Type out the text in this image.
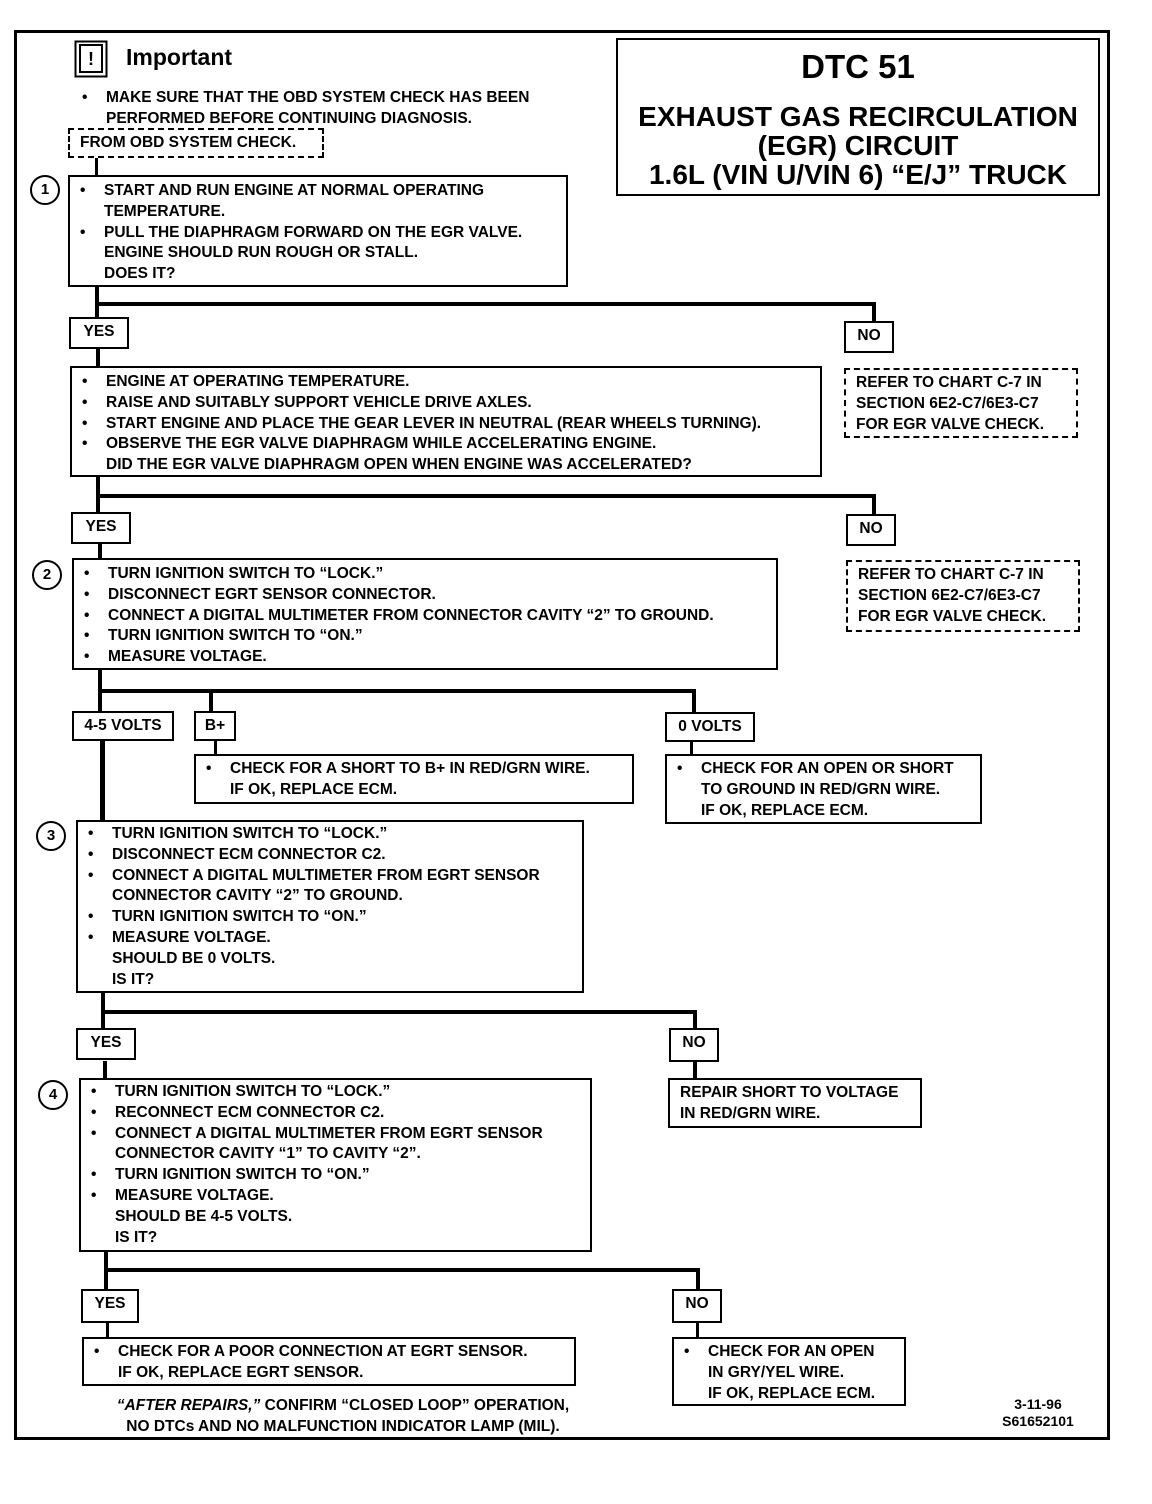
DTC 51
EXHAUST GAS RECIRCULATION
(EGR) CIRCUIT
1.6L (VIN U/VIN 6) “E/J” TRUCK
! Important
• MAKE SURE THAT THE OBD SYSTEM CHECK HAS BEEN
PERFORMED BEFORE CONTINUING DIAGNOSIS.
FROM OBD SYSTEM CHECK.
1	• START AND RUN ENGINE AT NORMAL OPERATING TEMPERATURE.
• PULL THE DIAPHRAGM FORWARD ON THE EGR VALVE.
ENGINE SHOULD RUN ROUGH OR STALL.
DOES IT?
YES	NO
• ENGINE AT OPERATING TEMPERATURE.
• RAISE AND SUITABLY SUPPORT VEHICLE DRIVE AXLES.
• START ENGINE AND PLACE THE GEAR LEVER IN NEUTRAL (REAR WHEELS TURNING).
• OBSERVE THE EGR VALVE DIAPHRAGM WHILE ACCELERATING ENGINE.
DID THE EGR VALVE DIAPHRAGM OPEN WHEN ENGINE WAS ACCELERATED?
REFER TO CHART C-7 IN
SECTION 6E2-C7/6E3-C7
FOR EGR VALVE CHECK.
YES	NO
2	• TURN IGNITION SWITCH TO “LOCK.”
• DISCONNECT EGRT SENSOR CONNECTOR.
• CONNECT A DIGITAL MULTIMETER FROM CONNECTOR CAVITY “2” TO GROUND.
• TURN IGNITION SWITCH TO “ON.”
• MEASURE VOLTAGE.
REFER TO CHART C-7 IN
SECTION 6E2-C7/6E3-C7
FOR EGR VALVE CHECK.
4-5 VOLTS	B+	0 VOLTS
• CHECK FOR A SHORT TO B+ IN RED/GRN WIRE.
IF OK, REPLACE ECM.
• CHECK FOR AN OPEN OR SHORT
TO GROUND IN RED/GRN WIRE.
IF OK, REPLACE ECM.
3	• TURN IGNITION SWITCH TO “LOCK.”
• DISCONNECT ECM CONNECTOR C2.
• CONNECT A DIGITAL MULTIMETER FROM EGRT SENSOR CONNECTOR CAVITY “2” TO GROUND.
• TURN IGNITION SWITCH TO “ON.”
• MEASURE VOLTAGE.
SHOULD BE 0 VOLTS.
IS IT?
YES	NO
REPAIR SHORT TO VOLTAGE
IN RED/GRN WIRE.
4	• TURN IGNITION SWITCH TO “LOCK.”
• RECONNECT ECM CONNECTOR C2.
• CONNECT A DIGITAL MULTIMETER FROM EGRT SENSOR CONNECTOR CAVITY “1” TO CAVITY “2”.
• TURN IGNITION SWITCH TO “ON.”
• MEASURE VOLTAGE.
SHOULD BE 4-5 VOLTS.
IS IT?
YES	NO
• CHECK FOR A POOR CONNECTION AT EGRT SENSOR.
IF OK, REPLACE EGRT SENSOR.
• CHECK FOR AN OPEN
IN GRY/YEL WIRE.
IF OK, REPLACE ECM.
“AFTER REPAIRS,” CONFIRM “CLOSED LOOP” OPERATION,
NO DTCs AND NO MALFUNCTION INDICATOR LAMP (MIL).
3-11-96
S61652101
